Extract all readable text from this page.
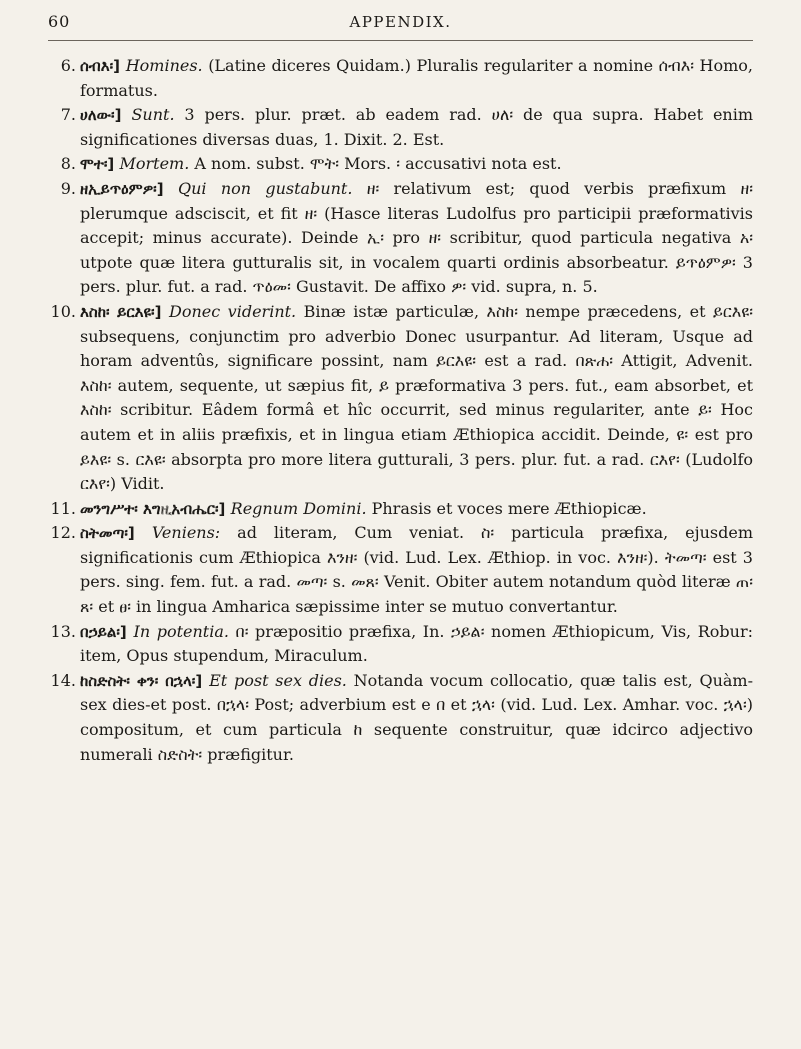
60	APPENDIX.
6. ሰብእ፡] Homines. (Latine diceres Quidam.) Pluralis regulariter a nomine ሰብእ፡ Homo, formatus.
7. ሀለው፡] Sunt. 3 pers. plur. præt. ab eadem rad. ሀለ፡ de qua supra. Habet enim significationes diversas duas, 1. Dixit. 2. Est.
8. ሞተ፡] Mortem. A nom. subst. ሞት፡ Mors. ፡ accusativi nota est.
9. ዘኢይጥዕምዎ፡] Qui non gustabunt. ዘ፡ relativum est; quod verbis præfixum ዘ፡ plerumque adsciscit, et fit ዘ፡ (Hasce literas Ludolfus pro participii præformativis accepit; minus accurate). Deinde ኢ፡ pro ዘ፡ scribitur, quod particula negativa አ፡ utpote quæ litera gutturalis sit, in vocalem quarti ordinis absorbeatur. ይጥዕምዎ፡ 3 pers. plur. fut. a rad. ጥዕመ፡ Gustavit. De affixo ዎ፡ vid. supra, n. 5.
10. እስከ፡ ይርእዩ፡] Donec viderint. Binæ istæ particulæ, እስከ፡ nempe præcedens, et ይርእዩ፡ subsequens, conjunctim pro adverbio Donec usurpantur. Ad literam, Usque ad horam adventûs, significare possint, nam ይርእዩ፡ est a rad. በጽሐ፡ Attigit, Advenit. እስከ፡ autem, sequente, ut sæpius fit, ይ præformativa 3 pers. fut., eam absorbet, et እስከ፡ scribitur. Eâdem formâ et hîc occurrit, sed minus regulariter, ante ይ፡ Hoc autem et in aliis præfixis, et in lingua etiam Æthiopica accidit. Deinde, ዩ፡ est pro ይእዩ፡ s. ርእዩ፡ absorpta pro more litera gutturali, 3 pers. plur. fut. a rad. ርእየ፡ (Ludolfo ርእየ፡) Vidit.
11. መንግሥተ፡ እግዚአብሔር፡] Regnum Domini. Phrasis et voces mere Æthiopicæ.
12. ስትመጣ፡] Veniens: ad literam, Cum veniat. ስ፡ particula præfixa, ejusdem significationis cum Æthiopica እንዘ፡ (vid. Lud. Lex. Æthiop. in voc. እንዘ፡). ትመጣ፡ est 3 pers. sing. fem. fut. a rad. መጣ፡ s. መጸ፡ Venit. Obiter autem notandum quòd literæ ጠ፡ ጸ፡ et ፀ፡ in lingua Amharica sæpissime inter se mutuo convertantur.
13. በኃይል፡] In potentia. በ፡ præpositio præfixa, In. ኃይል፡ nomen Æthiopicum, Vis, Robur: item, Opus stupendum, Miraculum.
14. ከስድስት፡ ቀን፡ በኋላ፡] Et post sex dies. Notanda vocum collocatio, quæ talis est, Quàm-sex dies-et post. በኋላ፡ Post; adverbium est e በ et ኋላ፡ (vid. Lud. Lex. Amhar. voc. ኋላ፡) compositum, et cum particula ከ sequente construitur, quæ idcirco adjectivo numerali ስድስት፡ præfigitur.
